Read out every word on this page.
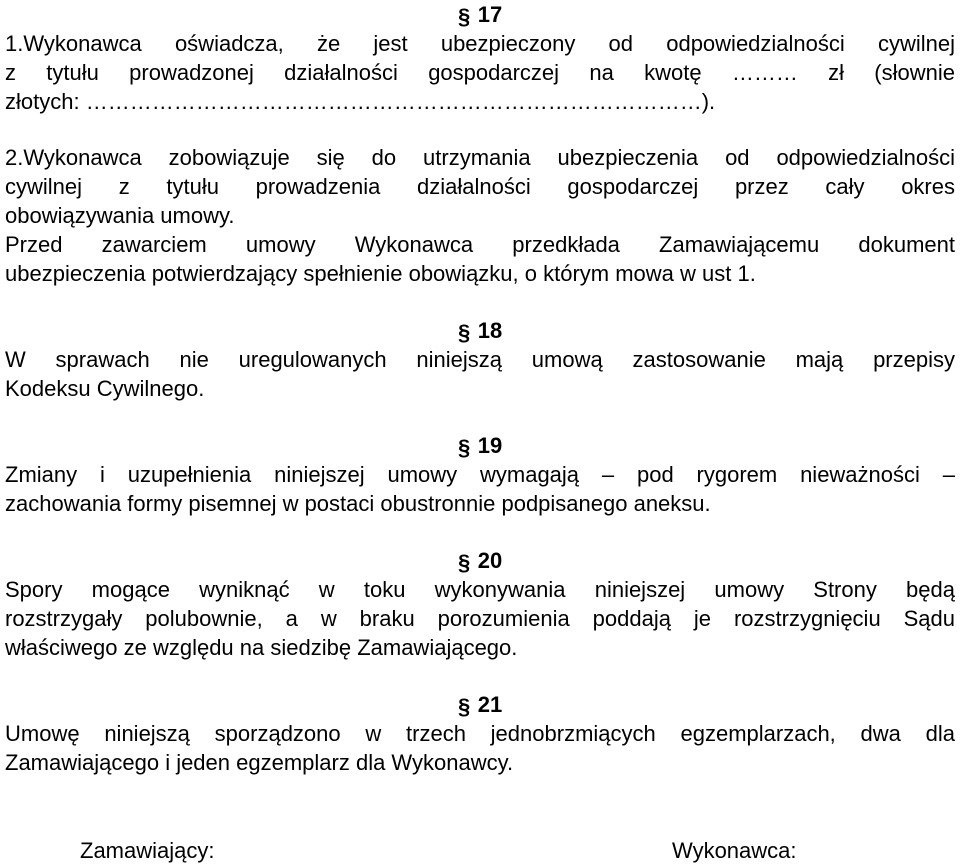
§ 17
1.Wykonawca oświadcza, że jest ubezpieczony od odpowiedzialności cywilnej
z tytułu prowadzonej działalności gospodarczej na kwotę ……… zł (słownie
złotych: …………………………………………………………………………).
2.Wykonawca zobowiązuje się do utrzymania ubezpieczenia od odpowiedzialności
cywilnej z tytułu prowadzenia działalności gospodarczej przez cały okres
obowiązywania umowy.
Przed zawarciem umowy Wykonawca przedkłada Zamawiającemu dokument
ubezpieczenia potwierdzający spełnienie obowiązku, o którym mowa w ust 1.
§ 18
W sprawach nie uregulowanych niniejszą umową zastosowanie mają przepisy
Kodeksu Cywilnego.
§ 19
Zmiany i uzupełnienia niniejszej umowy wymagają – pod rygorem nieważności –
zachowania formy pisemnej w postaci obustronnie podpisanego aneksu.
§ 20
Spory mogące wyniknąć w toku wykonywania niniejszej umowy Strony będą
rozstrzygały polubownie, a w braku porozumienia poddają je rozstrzygnięciu Sądu
właściwego ze względu na siedzibę Zamawiającego.
§ 21
Umowę niniejszą sporządzono w trzech jednobrzmiących egzemplarzach, dwa dla
Zamawiającego i jeden egzemplarz dla Wykonawcy.
Zamawiający:	Wykonawca:
